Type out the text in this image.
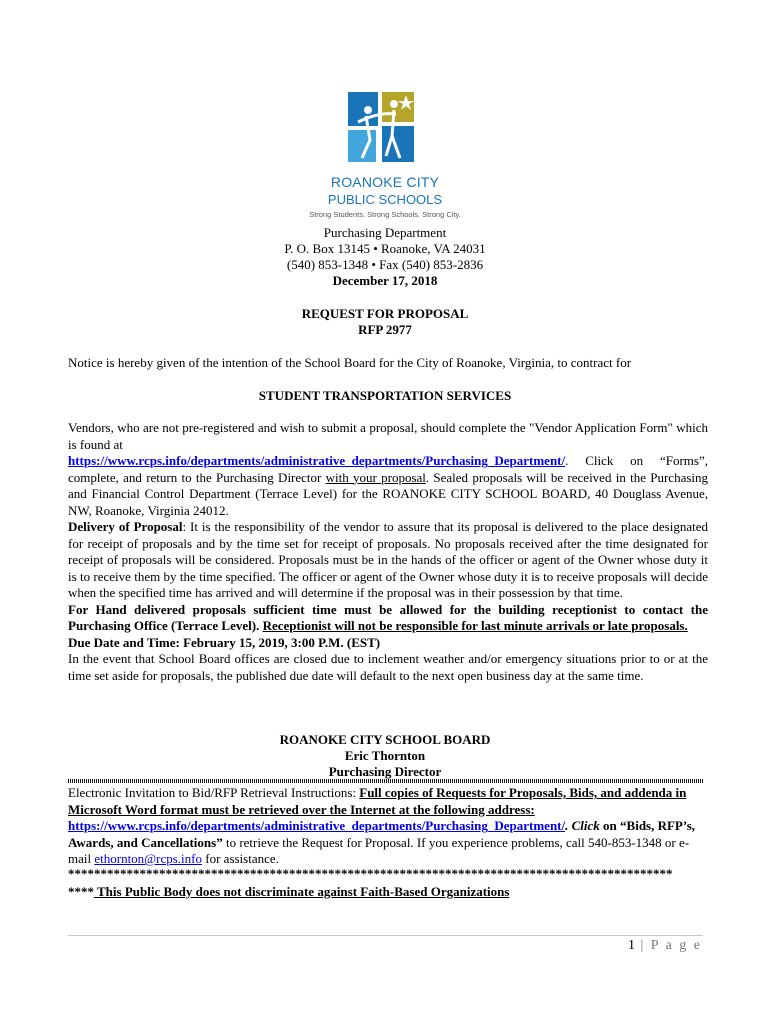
ROANOKE CITY
PUBLIC SCHOOLS
Strong Students. Strong Schools. Strong City.
Purchasing Department
P. O. Box 13145 • Roanoke, VA 24031
(540) 853-1348 • Fax (540) 853-2836
December 17, 2018
REQUEST FOR PROPOSAL
RFP 2977
Notice is hereby given of the intention of the School Board for the City of Roanoke, Virginia, to contract for
STUDENT TRANSPORTATION SERVICES
Vendors, who are not pre-registered and wish to submit a proposal, should complete the "Vendor Application Form" which is found at
https://www.rcps.info/departments/administrative_departments/Purchasing_Department/. Click on “Forms”, complete, and return to the Purchasing Director with your proposal. Sealed proposals will be received in the Purchasing and Financial Control Department (Terrace Level) for the ROANOKE CITY SCHOOL BOARD, 40 Douglass Avenue, NW, Roanoke, Virginia 24012.
Delivery of Proposal: It is the responsibility of the vendor to assure that its proposal is delivered to the place designated for receipt of proposals and by the time set for receipt of proposals. No proposals received after the time designated for receipt of proposals will be considered. Proposals must be in the hands of the officer or agent of the Owner whose duty it is to receive them by the time specified. The officer or agent of the Owner whose duty it is to receive proposals will decide when the specified time has arrived and will determine if the proposal was in their possession by that time.
For Hand delivered proposals sufficient time must be allowed for the building receptionist to contact the Purchasing Office (Terrace Level). Receptionist will not be responsible for last minute arrivals or late proposals.
Due Date and Time: February 15, 2019, 3:00 P.M. (EST)
In the event that School Board offices are closed due to inclement weather and/or emergency situations prior to or at the time set aside for proposals, the published due date will default to the next open business day at the same time.
ROANOKE CITY SCHOOL BOARD
Eric Thornton
Purchasing Director
Electronic Invitation to Bid/RFP Retrieval Instructions: Full copies of Requests for Proposals, Bids, and addenda in Microsoft Word format must be retrieved over the Internet at the following address: https://www.rcps.info/departments/administrative_departments/Purchasing_Department/. Click on “Bids, RFP’s, Awards, and Cancellations” to retrieve the Request for Proposal. If you experience problems, call 540-853-1348 or e-mail ethornton@rcps.info for assistance.
*********************************************************************************************
**** This Public Body does not discriminate against Faith-Based Organizations
1 | P a g e
